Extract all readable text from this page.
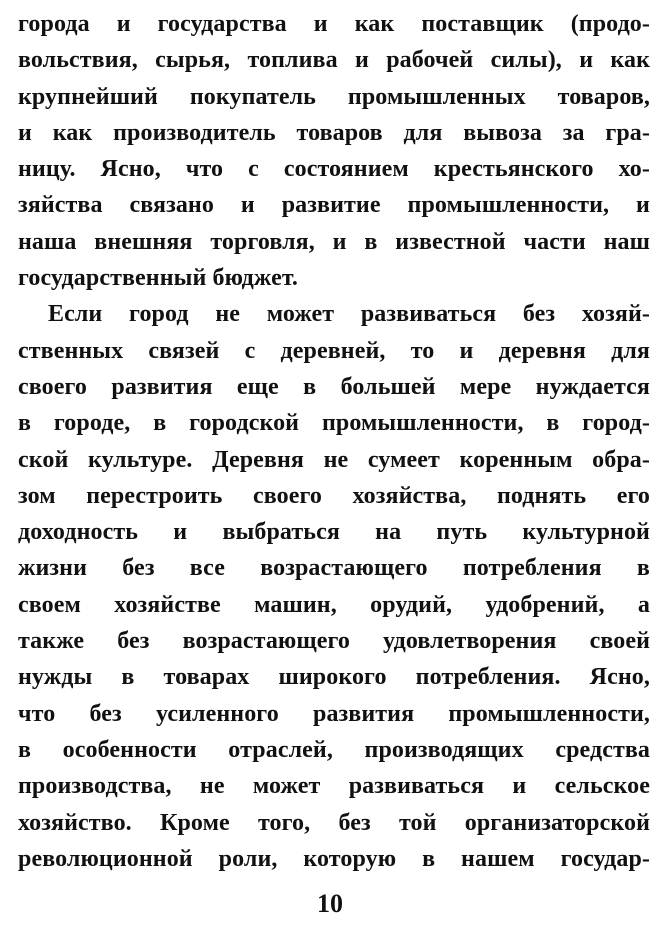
города и государства и как поставщик (продо-
вольствия, сырья, топлива и рабочей силы), и как
крупнейший покупатель промышленных товаров,
и как производитель товаров для вывоза за гра-
ницу. Ясно, что с состоянием крестьянского хо-
зяйства связано и развитие промышленности, и
наша внешняя торговля, и в известной части наш
государственный бюджет.
Если город не может развиваться без хозяй-
ственных связей с деревней, то и деревня для
своего развития еще в большей мере нуждается
в городе, в городской промышленности, в город-
ской культуре. Деревня не сумеет коренным обра-
зом перестроить своего хозяйства, поднять его
доходность и выбраться на путь культурной
жизни без все возрастающего потребления в
своем хозяйстве машин, орудий, удобрений, а
также без возрастающего удовлетворения своей
нужды в товарах широкого потребления. Ясно,
что без усиленного развития промышленности,
в особенности отраслей, производящих средства
производства, не может развиваться и сельское
хозяйство. Кроме того, без той организаторской
революционной роли, которую в нашем государ-
10
